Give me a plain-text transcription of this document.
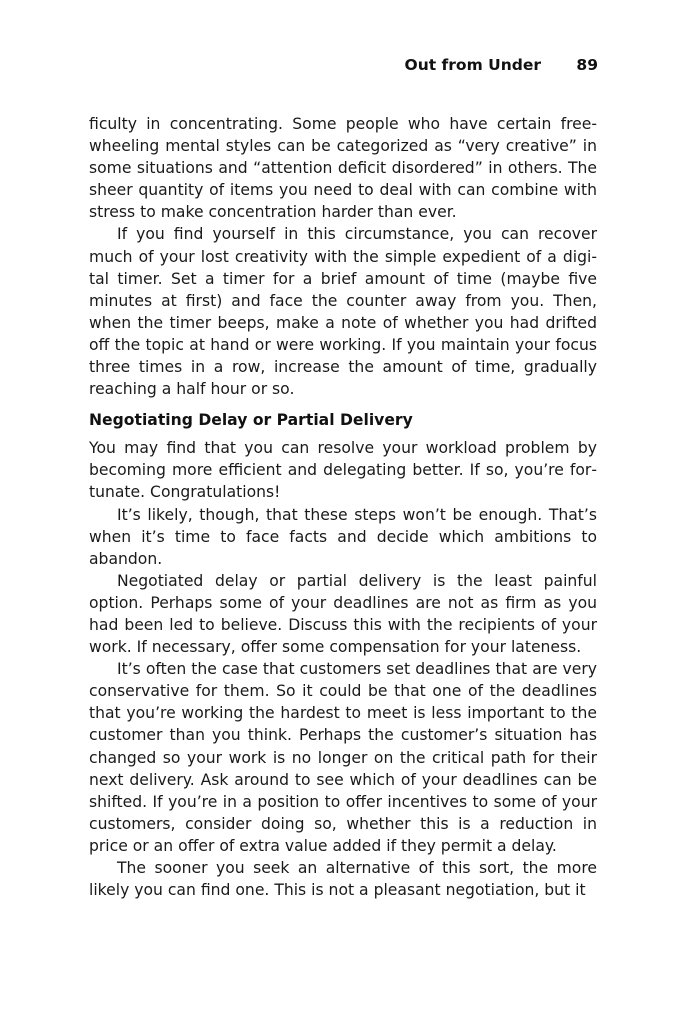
Out from Under 89

ficulty in concentrating. Some people who have certain freewheeling mental styles can be categorized as “very creative” in some situations and “attention deficit disordered” in others. The sheer quantity of items you need to deal with can combine with stress to make concentration harder than ever.

If you find yourself in this circumstance, you can recover much of your lost creativity with the simple expedient of a digital timer. Set a timer for a brief amount of time (maybe five minutes at first) and face the counter away from you. Then, when the timer beeps, make a note of whether you had drifted off the topic at hand or were working. If you maintain your focus three times in a row, increase the amount of time, gradually reaching a half hour or so.

Negotiating Delay or Partial Delivery

You may find that you can resolve your workload problem by becoming more efficient and delegating better. If so, you’re fortunate. Congratulations!

It’s likely, though, that these steps won’t be enough. That’s when it’s time to face facts and decide which ambitions to abandon.

Negotiated delay or partial delivery is the least painful option. Perhaps some of your deadlines are not as firm as you had been led to believe. Discuss this with the recipients of your work. If necessary, offer some compensation for your lateness.

It’s often the case that customers set deadlines that are very conservative for them. So it could be that one of the deadlines that you’re working the hardest to meet is less important to the customer than you think. Perhaps the customer’s situation has changed so your work is no longer on the critical path for their next delivery. Ask around to see which of your deadlines can be shifted. If you’re in a position to offer incentives to some of your customers, consider doing so, whether this is a reduction in price or an offer of extra value added if they permit a delay.

The sooner you seek an alternative of this sort, the more likely you can find one. This is not a pleasant negotiation, but it
